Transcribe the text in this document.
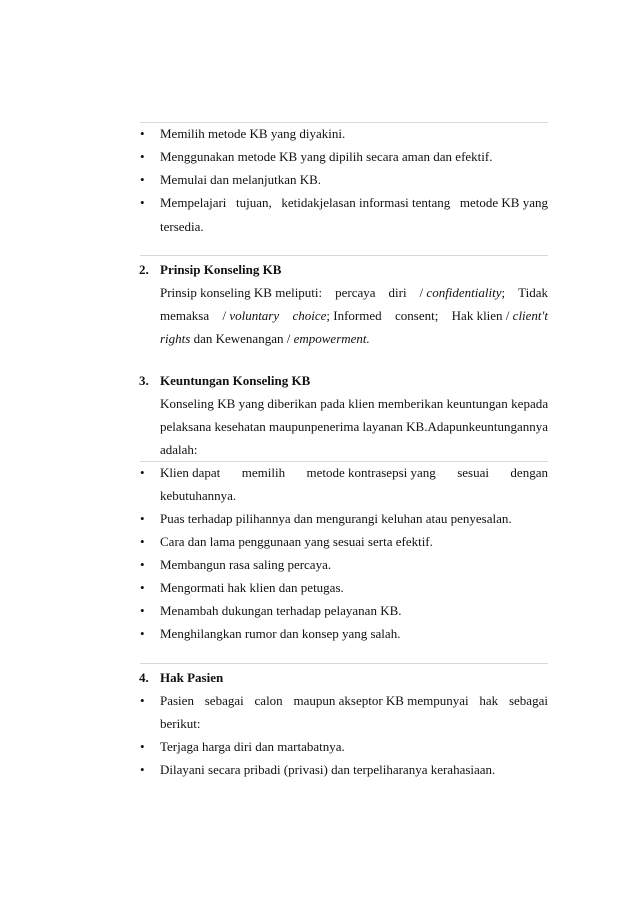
•	Memilih metode KB yang diyakini.
•	Menggunakan metode KB yang dipilih secara aman dan efektif.
•	Memulai dan melanjutkan KB.
•	Mempelajari tujuan, ketidakjelasan informasi tentang metode KB yang
tersedia.
2. Prinsip Konseling KB
Prinsip konseling KB meliputi: percaya diri / confidentiality; Tidak
memaksa / voluntary choice; Informed consent; Hak klien / client't
rights dan Kewenangan / empowerment.
3. Keuntungan Konseling KB
Konseling KB yang diberikan pada klien memberikan keuntungan kepada
pelaksana kesehatan maupunpenerima layanan KB.Adapunkeuntungannya
adalah:
•	Klien dapat memilih metode kontrasepsi yang sesuai dengan
kebutuhannya.
•	Puas terhadap pilihannya dan mengurangi keluhan atau penyesalan.
•	Cara dan lama penggunaan yang sesuai serta efektif.
•	Membangun rasa saling percaya.
•	Mengormati hak klien dan petugas.
•	Menambah dukungan terhadap pelayanan KB.
•	Menghilangkan rumor dan konsep yang salah.
4. Hak Pasien
•	Pasien sebagai calon maupun akseptor KB mempunyai hak sebagai
berikut:
•	Terjaga harga diri dan martabatnya.
•	Dilayani secara pribadi (privasi) dan terpeliharanya kerahasiaan.
